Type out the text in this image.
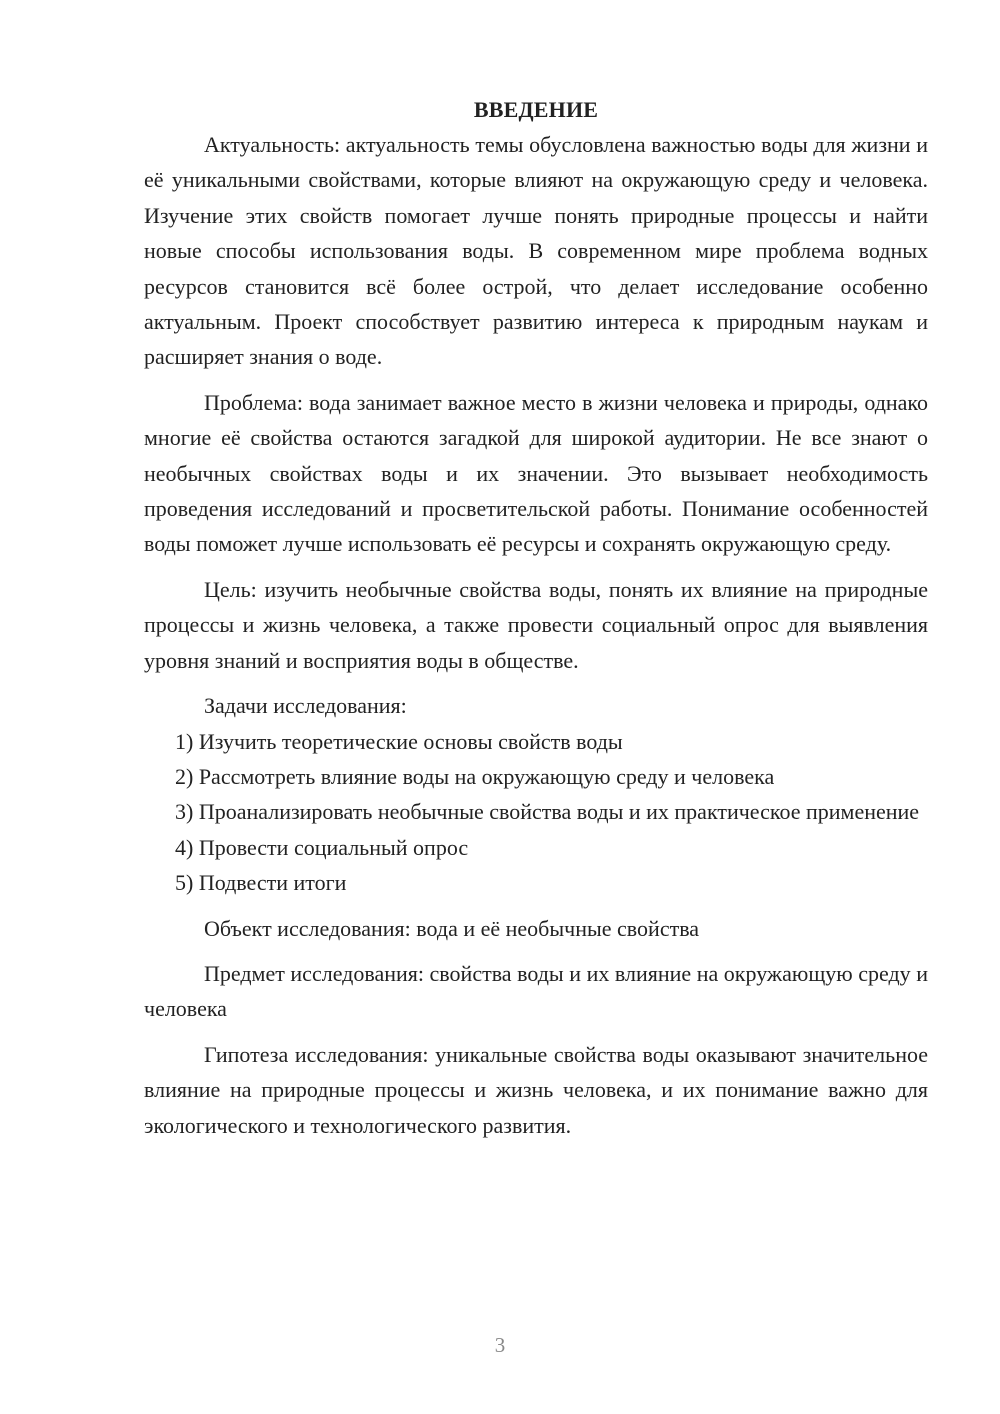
ВВЕДЕНИЕ

Актуальность: актуальность темы обусловлена важностью воды для жизни и её уникальными свойствами, которые влияют на окружающую среду и человека. Изучение этих свойств помогает лучше понять природные процессы и найти новые способы использования воды. В современном мире проблема водных ресурсов становится всё более острой, что делает исследование особенно актуальным. Проект способствует развитию интереса к природным наукам и расширяет знания о воде.

Проблема: вода занимает важное место в жизни человека и природы, однако многие её свойства остаются загадкой для широкой аудитории. Не все знают о необычных свойствах воды и их значении. Это вызывает необходимость проведения исследований и просветительской работы. Понимание особенностей воды поможет лучше использовать её ресурсы и сохранять окружающую среду.

Цель: изучить необычные свойства воды, понять их влияние на природные процессы и жизнь человека, а также провести социальный опрос для выявления уровня знаний и восприятия воды в обществе.

Задачи исследования:

1) Изучить теоретические основы свойств воды

2) Рассмотреть влияние воды на окружающую среду и человека

3) Проанализировать необычные свойства воды и их практическое применение

4) Провести социальный опрос

5) Подвести итоги

Объект исследования: вода и её необычные свойства

Предмет исследования: свойства воды и их влияние на окружающую среду и человека

Гипотеза исследования: уникальные свойства воды оказывают значительное влияние на природные процессы и жизнь человека, и их понимание важно для экологического и технологического развития.

3
